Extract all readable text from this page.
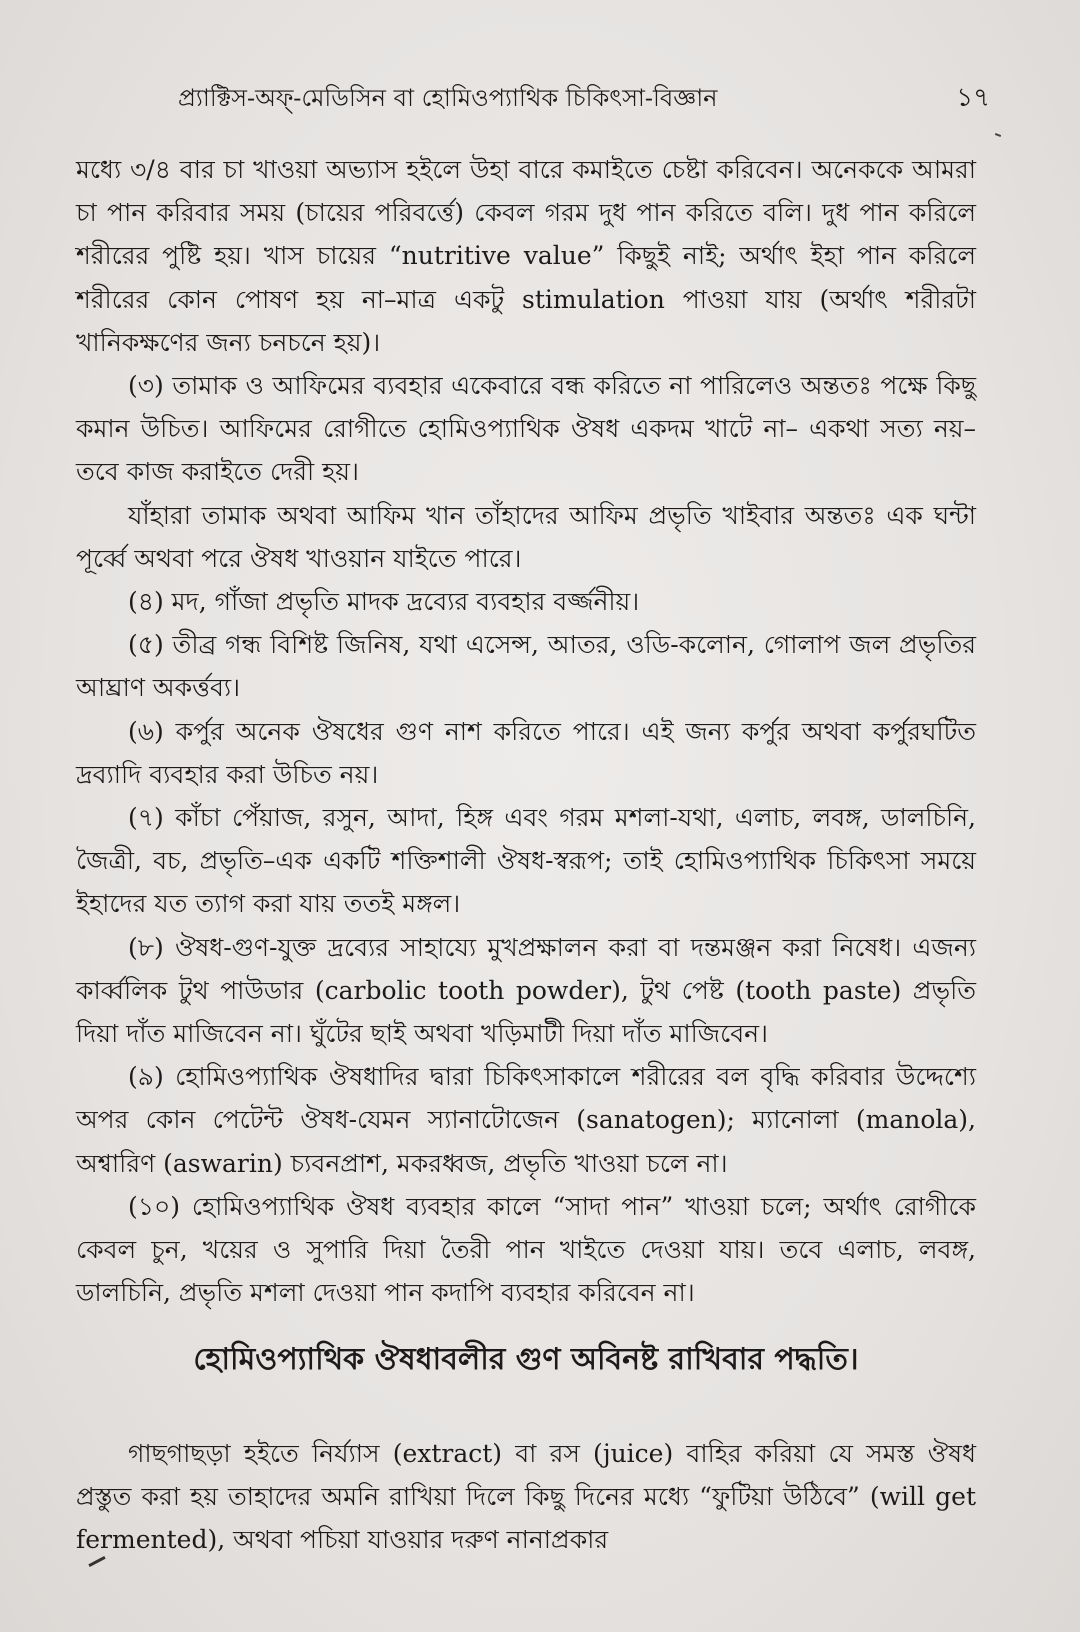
প্র্যাক্টিস-অফ্-মেডিসিন বা হোমিওপ্যাথিক চিকিৎসা-বিজ্ঞান	১৭

মধ্যে ৩/৪ বার চা খাওয়া অভ্যাস হইলে উহা বারে কমাইতে চেষ্টা করিবেন। অনেককে আমরা চা পান করিবার সময় (চায়ের পরিবর্ত্তে) কেবল গরম দুধ পান করিতে বলি। দুধ পান করিলে শরীরের পুষ্টি হয়। খাস চায়ের “nutritive value” কিছুই নাই; অর্থাৎ ইহা পান করিলে শরীরের কোন পোষণ হয় না–মাত্র একটু stimulation পাওয়া যায় (অর্থাৎ শরীরটা খানিকক্ষণের জন্য চনচনে হয়)।

(৩) তামাক ও আফিমের ব্যবহার একেবারে বন্ধ করিতে না পারিলেও অন্ততঃ পক্ষে কিছু কমান উচিত। আফিমের রোগীতে হোমিওপ্যাথিক ঔষধ একদম খাটে না– একথা সত্য নয়– তবে কাজ করাইতে দেরী হয়।

যাঁহারা তামাক অথবা আফিম খান তাঁহাদের আফিম প্রভৃতি খাইবার অন্ততঃ এক ঘন্টা পূর্ব্বে অথবা পরে ঔষধ খাওয়ান যাইতে পারে।

(৪) মদ, গাঁজা প্রভৃতি মাদক দ্রব্যের ব্যবহার বর্জ্জনীয়।

(৫) তীব্র গন্ধ বিশিষ্ট জিনিষ, যথা এসেন্স, আতর, ওডি-কলোন, গোলাপ জল প্রভৃতির আঘ্রাণ অকর্ত্তব্য।

(৬) কর্পুর অনেক ঔষধের গুণ নাশ করিতে পারে। এই জন্য কর্পুর অথবা কর্পুরঘটিত দ্রব্যাদি ব্যবহার করা উচিত নয়।

(৭) কাঁচা পেঁয়াজ, রসুন, আদা, হিঙ্গ এবং গরম মশলা-যথা, এলাচ, লবঙ্গ, ডালচিনি, জৈত্রী, বচ, প্রভৃতি–এক একটি শক্তিশালী ঔষধ-স্বরূপ; তাই হোমিওপ্যাথিক চিকিৎসা সময়ে ইহাদের যত ত্যাগ করা যায় ততই মঙ্গল।

(৮) ঔষধ-গুণ-যুক্ত দ্রব্যের সাহায্যে মুখপ্রক্ষালন করা বা দন্তমঞ্জন করা নিষেধ। এজন্য কার্ব্বলিক টুথ পাউডার (carbolic tooth powder), টুথ পেষ্ট (tooth paste) প্রভৃতি দিয়া দাঁত মাজিবেন না। ঘুঁটের ছাই অথবা খড়িমাটী দিয়া দাঁত মাজিবেন।

(৯) হোমিওপ্যাথিক ঔষধাদির দ্বারা চিকিৎসাকালে শরীরের বল বৃদ্ধি করিবার উদ্দেশ্যে অপর কোন পেটেন্ট ঔষধ-যেমন স্যানাটোজেন (sanatogen); ম্যানোলা (manola), অশ্বারিণ (aswarin) চ্যবনপ্রাশ, মকরধ্বজ, প্রভৃতি খাওয়া চলে না।

(১০) হোমিওপ্যাথিক ঔষধ ব্যবহার কালে “সাদা পান” খাওয়া চলে; অর্থাৎ রোগীকে কেবল চুন, খয়ের ও সুপারি দিয়া তৈরী পান খাইতে দেওয়া যায়। তবে এলাচ, লবঙ্গ, ডালচিনি, প্রভৃতি মশলা দেওয়া পান কদাপি ব্যবহার করিবেন না।

হোমিওপ্যাথিক ঔষধাবলীর গুণ অবিনষ্ট রাখিবার পদ্ধতি।

গাছগাছড়া হইতে নির্য্যাস (extract) বা রস (juice) বাহির করিয়া যে সমস্ত ঔষধ প্রস্তুত করা হয় তাহাদের অমনি রাখিয়া দিলে কিছু দিনের মধ্যে “ফুটিয়া উঠিবে” (will get fermented), অথবা পচিয়া যাওয়ার দরুণ নানাপ্রকার
